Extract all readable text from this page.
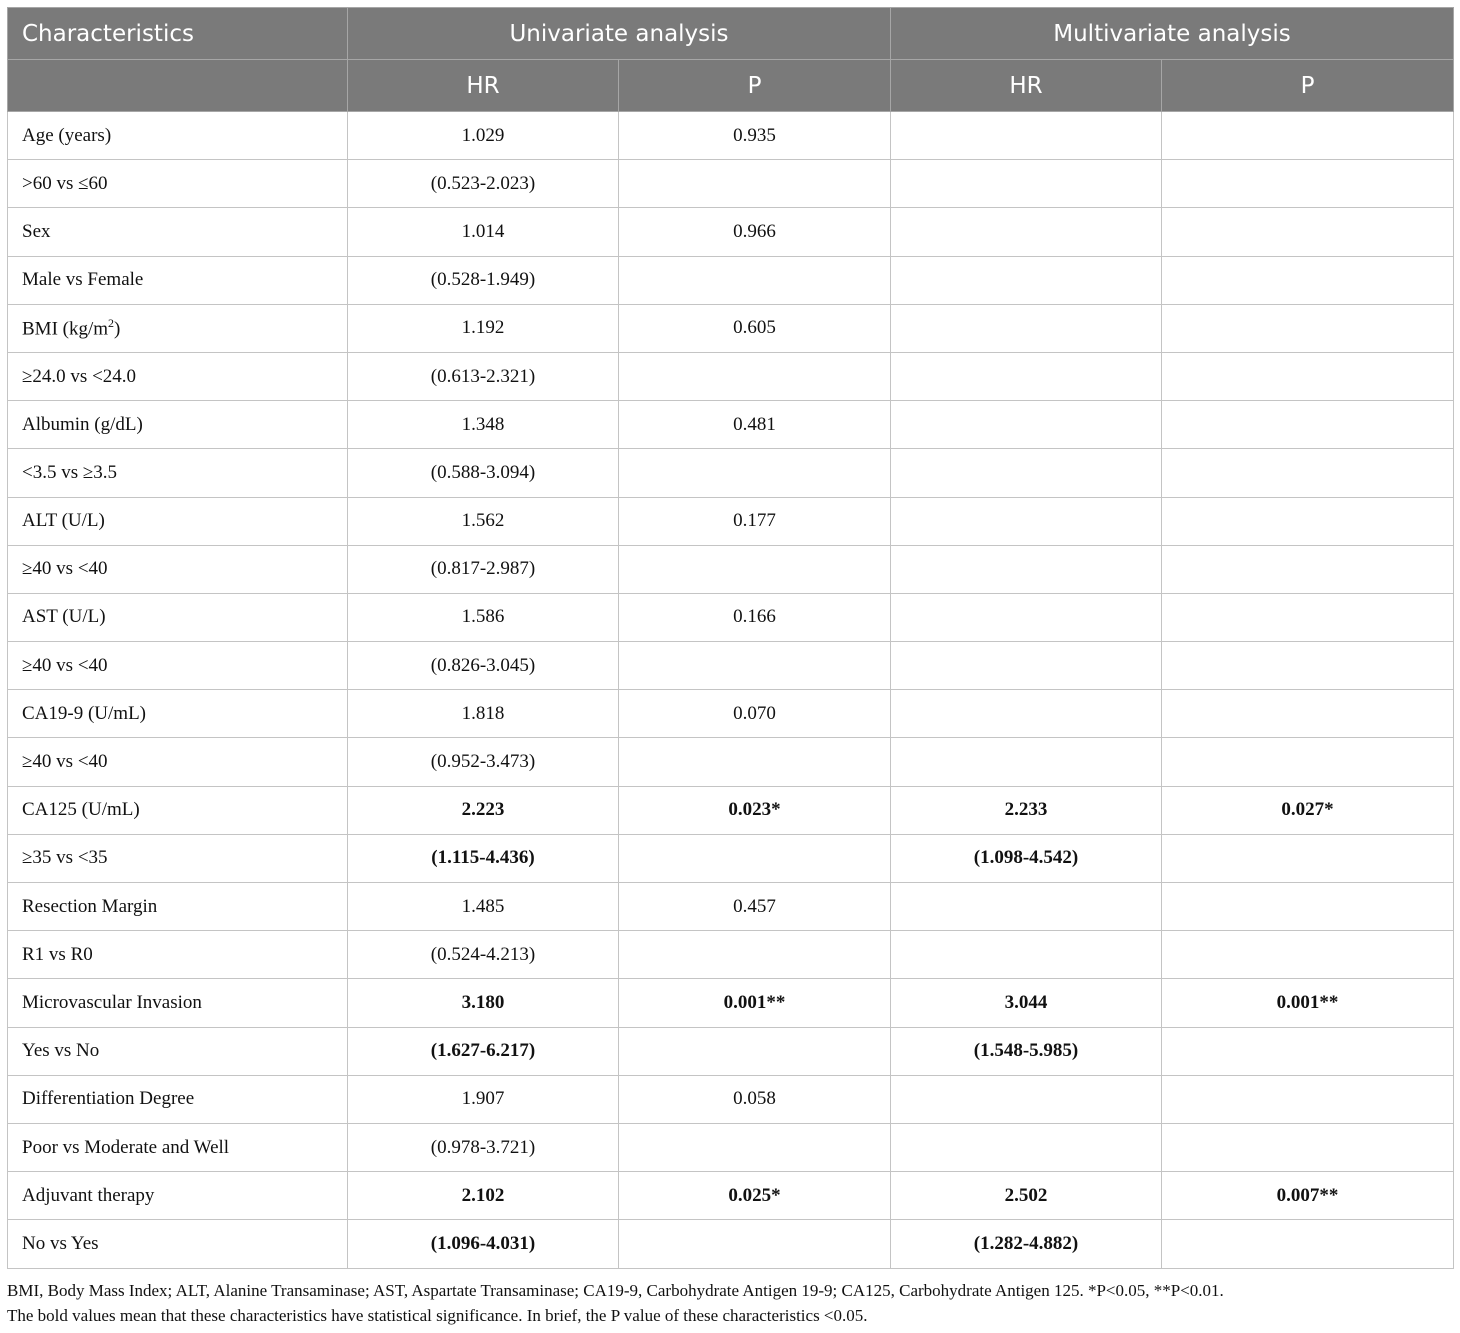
Characteristics	Univariate analysis		Multivariate analysis	
	HR	P	HR	P
Age (years)	1.029	0.935		
>60 vs ≤60	(0.523-2.023)			
Sex	1.014	0.966		
Male vs Female	(0.528-1.949)			
BMI $(kg/m^2)$	1.192	0.605		
≥24.0 vs <24.0	(0.613-2.321)			
Albumin (g/dL)	1.348	0.481		
<3.5 vs ≥3.5	(0.588-3.094)			
ALT (U/L)	1.562	0.177		
≥40 vs <40	(0.817-2.987)			
AST (U/L)	1.586	0.166		
≥40 vs <40	(0.826-3.045)			
CA19-9 (U/mL)	1.818	0.070		
≥40 vs <40	(0.952-3.473)			
CA125 (U/mL)	2.223	0.023*	2.233	0.027*
≥35 vs <35	(1.115-4.436)		(1.098-4.542)	
Resection Margin	1.485	0.457		
R1 vs R0	(0.524-4.213)			
Microvascular Invasion	3.180	0.001**	3.044	0.001**
Yes vs No	(1.627-6.217)		(1.548-5.985)	
Differentiation Degree	1.907	0.058		
Poor vs Moderate and Well	(0.978-3.721)			
Adjuvant therapy	2.102	0.025*	2.502	0.007**
No vs Yes	(1.096-4.031)		(1.282-4.882)	
BMI, Body Mass Index; ALT, Alanine Transaminase; AST, Aspartate Transaminase; CA19-9, Carbohydrate Antigen 19-9; CA125, Carbohydrate Antigen 125. *P<0.05, **P<0.01.
The bold values mean that these characteristics have statistical significance. In brief, the P value of these characteristics <0.05.
